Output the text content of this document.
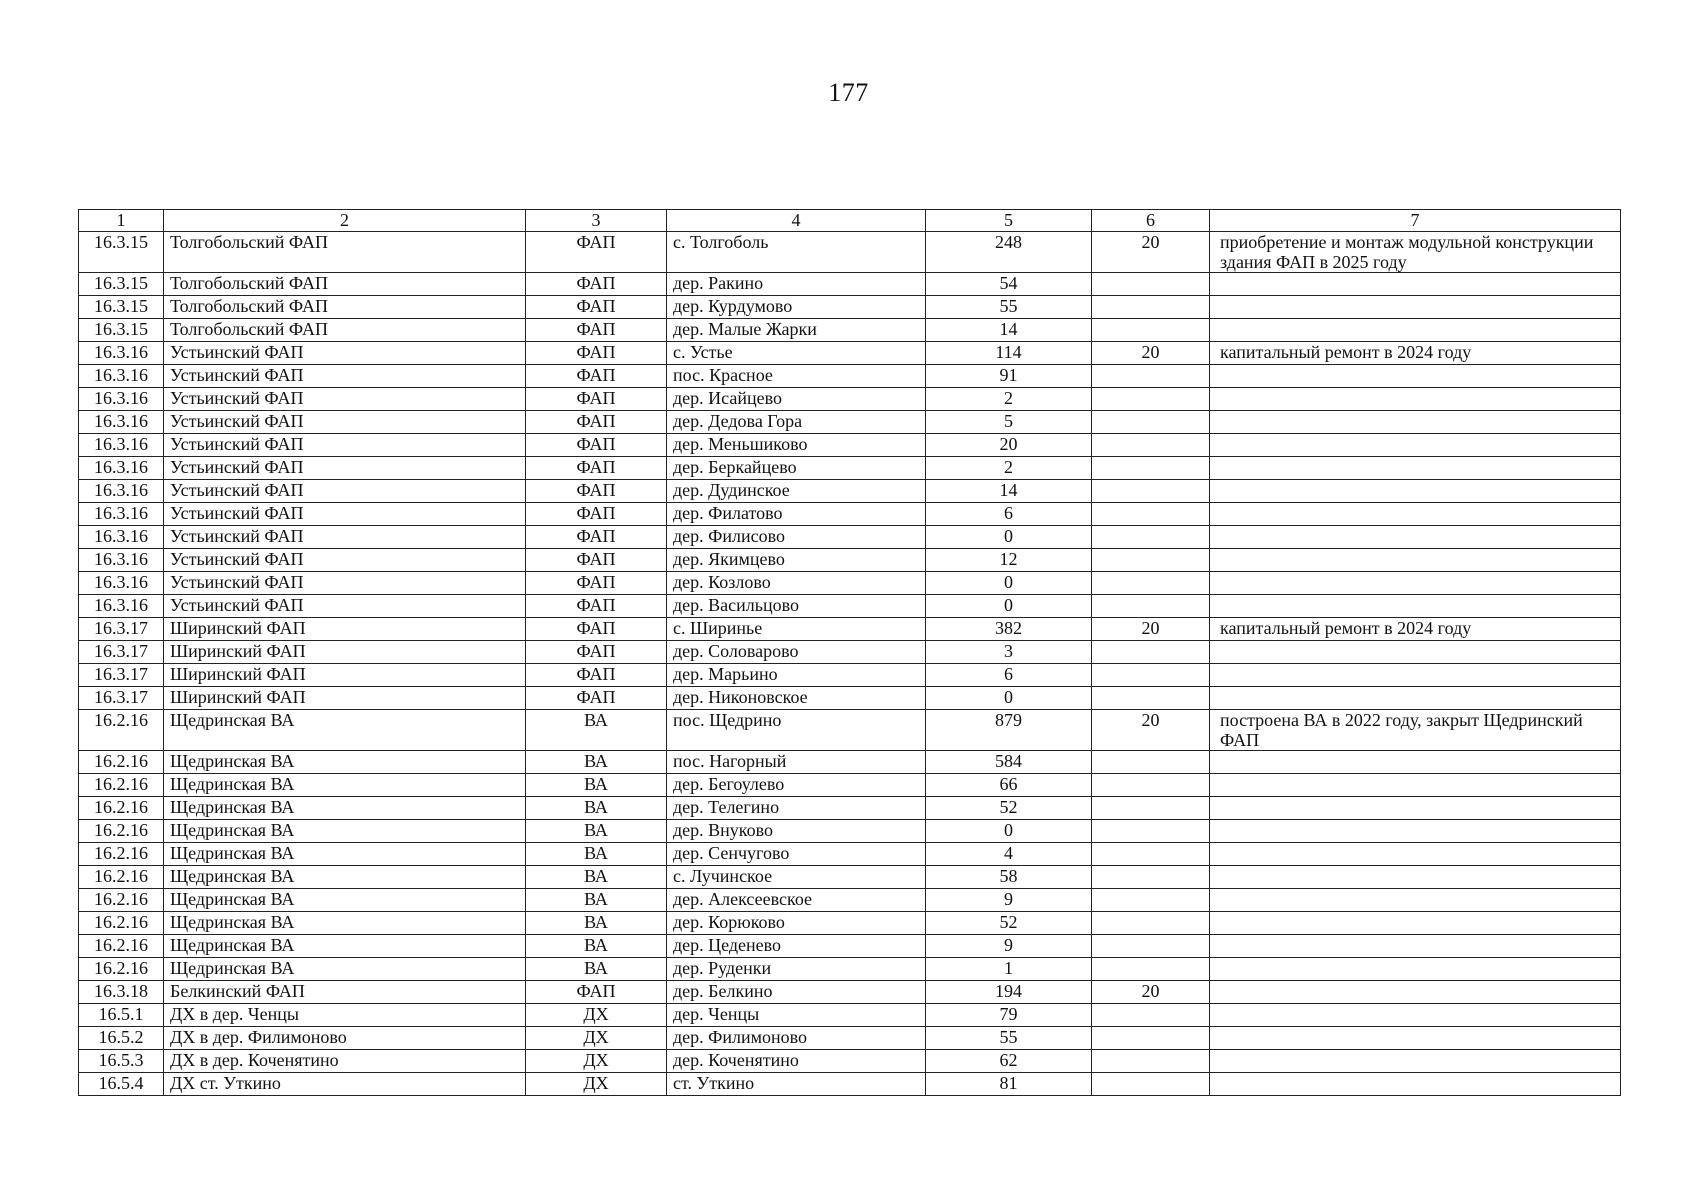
177
1	2	3	4	5	6	7
16.3.15	Толгобольский ФАП	ФАП	с. Толгоболь	248	20	приобретение и монтаж модульной конструкции здания ФАП в 2025 году
16.3.15	Толгобольский ФАП	ФАП	дер. Ракино	54		
16.3.15	Толгобольский ФАП	ФАП	дер. Курдумово	55		
16.3.15	Толгобольский ФАП	ФАП	дер. Малые Жарки	14		
16.3.16	Устьинский ФАП	ФАП	с. Устье	114	20	капитальный ремонт в 2024 году
16.3.16	Устьинский ФАП	ФАП	пос. Красное	91		
16.3.16	Устьинский ФАП	ФАП	дер. Исайцево	2		
16.3.16	Устьинский ФАП	ФАП	дер. Дедова Гора	5		
16.3.16	Устьинский ФАП	ФАП	дер. Меньшиково	20		
16.3.16	Устьинский ФАП	ФАП	дер. Беркайцево	2		
16.3.16	Устьинский ФАП	ФАП	дер. Дудинское	14		
16.3.16	Устьинский ФАП	ФАП	дер. Филатово	6		
16.3.16	Устьинский ФАП	ФАП	дер. Филисово	0		
16.3.16	Устьинский ФАП	ФАП	дер. Якимцево	12		
16.3.16	Устьинский ФАП	ФАП	дер. Козлово	0		
16.3.16	Устьинский ФАП	ФАП	дер. Васильцово	0		
16.3.17	Ширинский ФАП	ФАП	с. Ширинье	382	20	капитальный ремонт в 2024 году
16.3.17	Ширинский ФАП	ФАП	дер. Соловарово	3		
16.3.17	Ширинский ФАП	ФАП	дер. Марьино	6		
16.3.17	Ширинский ФАП	ФАП	дер. Никоновское	0		
16.2.16	Щедринская ВА	ВА	пос. Щедрино	879	20	построена ВА в 2022 году, закрыт Щедринский ФАП
16.2.16	Щедринская ВА	ВА	пос. Нагорный	584		
16.2.16	Щедринская ВА	ВА	дер. Бегоулево	66		
16.2.16	Щедринская ВА	ВА	дер. Телегино	52		
16.2.16	Щедринская ВА	ВА	дер. Внуково	0		
16.2.16	Щедринская ВА	ВА	дер. Сенчугово	4		
16.2.16	Щедринская ВА	ВА	с. Лучинское	58		
16.2.16	Щедринская ВА	ВА	дер. Алексеевское	9		
16.2.16	Щедринская ВА	ВА	дер. Корюково	52		
16.2.16	Щедринская ВА	ВА	дер. Цеденево	9		
16.2.16	Щедринская ВА	ВА	дер. Руденки	1		
16.3.18	Белкинский ФАП	ФАП	дер. Белкино	194	20	
16.5.1	ДХ в дер. Ченцы	ДХ	дер. Ченцы	79		
16.5.2	ДХ в дер. Филимоново	ДХ	дер. Филимоново	55		
16.5.3	ДХ в дер. Коченятино	ДХ	дер. Коченятино	62		
16.5.4	ДХ ст. Уткино	ДХ	ст. Уткино	81		
